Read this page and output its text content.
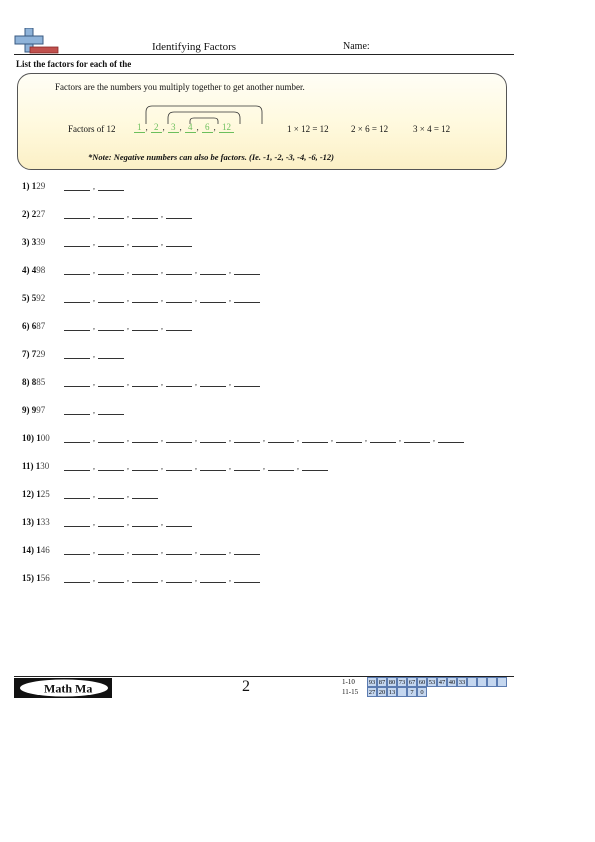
Identifying Factors	Name:
List the factors for each of the
Factors are the numbers you multiply together to get another number.
Factors of 12	1 , 2 , 3 , 4 , 6 , 12	1 × 12 = 12 2 × 6 = 12	3 × 4 = 12
*Note: Negative numbers can also be factors. (Ie. -1, -2, -3, -4, -6, -12)
1) 129	,
2) 227	,	,	,
3) 339	,	,	,
4) 498	,	,	,	,	,
5) 592	,	,	,	,	,
6) 687	,	,	,
7) 729	,
8) 885	,	,	,	,	,
9) 997	,
10) 100	,	,	,	,	,	,	,	,	,	,	,
11) 130	,	,	,	,	,	,	,
12) 125	,	,
13) 133	,	,	,
14) 146	,	,	,	,	,
15) 156	,	,	,	,	,
Math Ma	2	1-10	93 87 80 73 67 60 53 47 40 33
11-15	27 20 13	7	0
